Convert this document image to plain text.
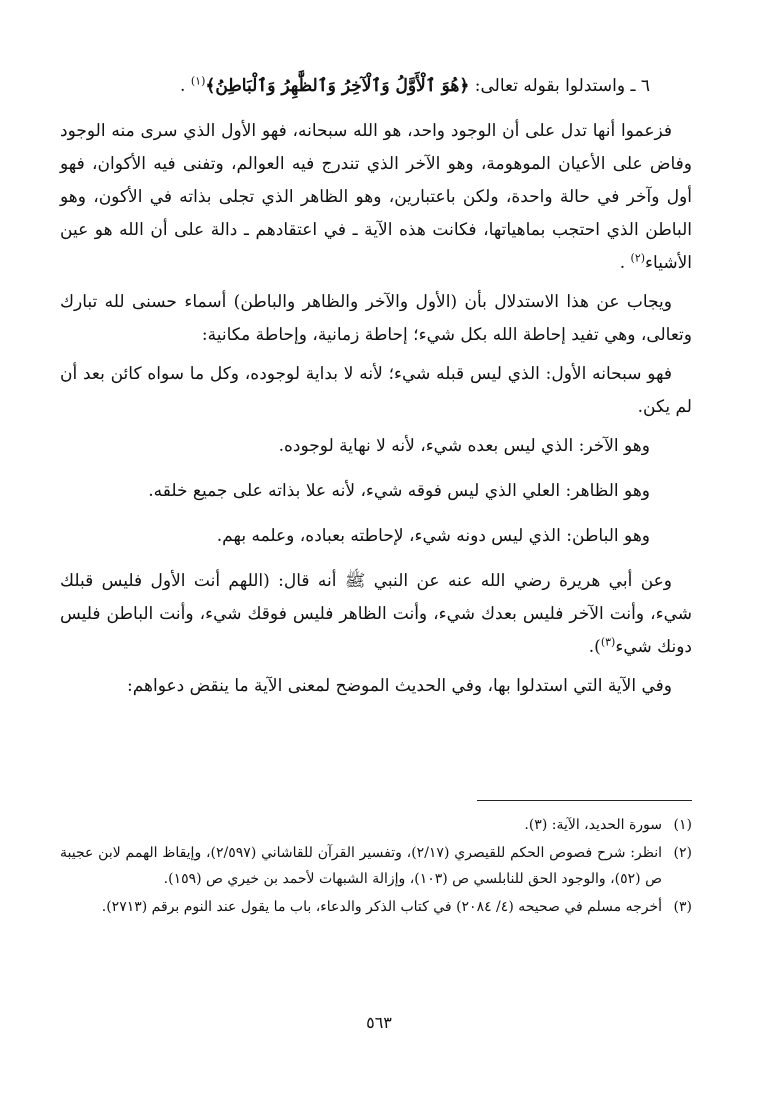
٦ ـ واستدلوا بقوله تعالى: ﴿هُوَ ٱلْأَوَّلُ وَٱلْآخِرُ وَٱلظَّٰهِرُ وَٱلْبَاطِنُ﴾$^{(١)}$ .

فزعموا أنها تدل على أن الوجود واحد، هو الله سبحانه، فهو الأول الذي سرى منه الوجود وفاض على الأعيان الموهومة، وهو الآخر الذي تندرج فيه العوالم، وتفنى فيه الأكوان، فهو أول وآخر في حالة واحدة، ولكن باعتبارين، وهو الظاهر الذي تجلى بذاته في الأكون، وهو الباطن الذي احتجب بماهياتها، فكانت هذه الآية ـ في اعتقادهم ـ دالة على أن الله هو عين الأشياء$^{(٢)}$ .

ويجاب عن هذا الاستدلال بأن (الأول والآخر والظاهر والباطن) أسماء حسنى لله تبارك وتعالى، وهي تفيد إحاطة الله بكل شيء؛ إحاطة زمانية، وإحاطة مكانية:

فهو سبحانه الأول: الذي ليس قبله شيء؛ لأنه لا بداية لوجوده، وكل ما سواه كائن بعد أن لم يكن.

وهو الآخر: الذي ليس بعده شيء، لأنه لا نهاية لوجوده.

وهو الظاهر: العلي الذي ليس فوقه شيء، لأنه علا بذاته على جميع خلقه.

وهو الباطن: الذي ليس دونه شيء، لإحاطته بعباده، وعلمه بهم.

وعن أبي هريرة رضي الله عنه عن النبي ﷺ أنه قال: (اللهم أنت الأول فليس قبلك شيء، وأنت الآخر فليس بعدك شيء، وأنت الظاهر فليس فوقك شيء، وأنت الباطن فليس دونك شيء$^{(٣)}$).

وفي الآية التي استدلوا بها، وفي الحديث الموضح لمعنى الآية ما ينقض دعواهم:

(١)
سورة الحديد، الآية: (٣).

(٢)
انظر: شرح فصوص الحكم للقيصري (٢/١٧)، وتفسير القرآن للقاشاني (٢/٥٩٧)، وإيقاظ الهمم لابن عجيبة ص (٥٢)، والوجود الحق للنابلسي ص (١٠٣)، وإزالة الشبهات لأحمد بن خيري ص (١٥٩).

(٣)
أخرجه مسلم في صحيحه (٤/ ٢٠٨٤) في كتاب الذكر والدعاء، باب ما يقول عند النوم برقم (٢٧١٣).

٥٦٣
